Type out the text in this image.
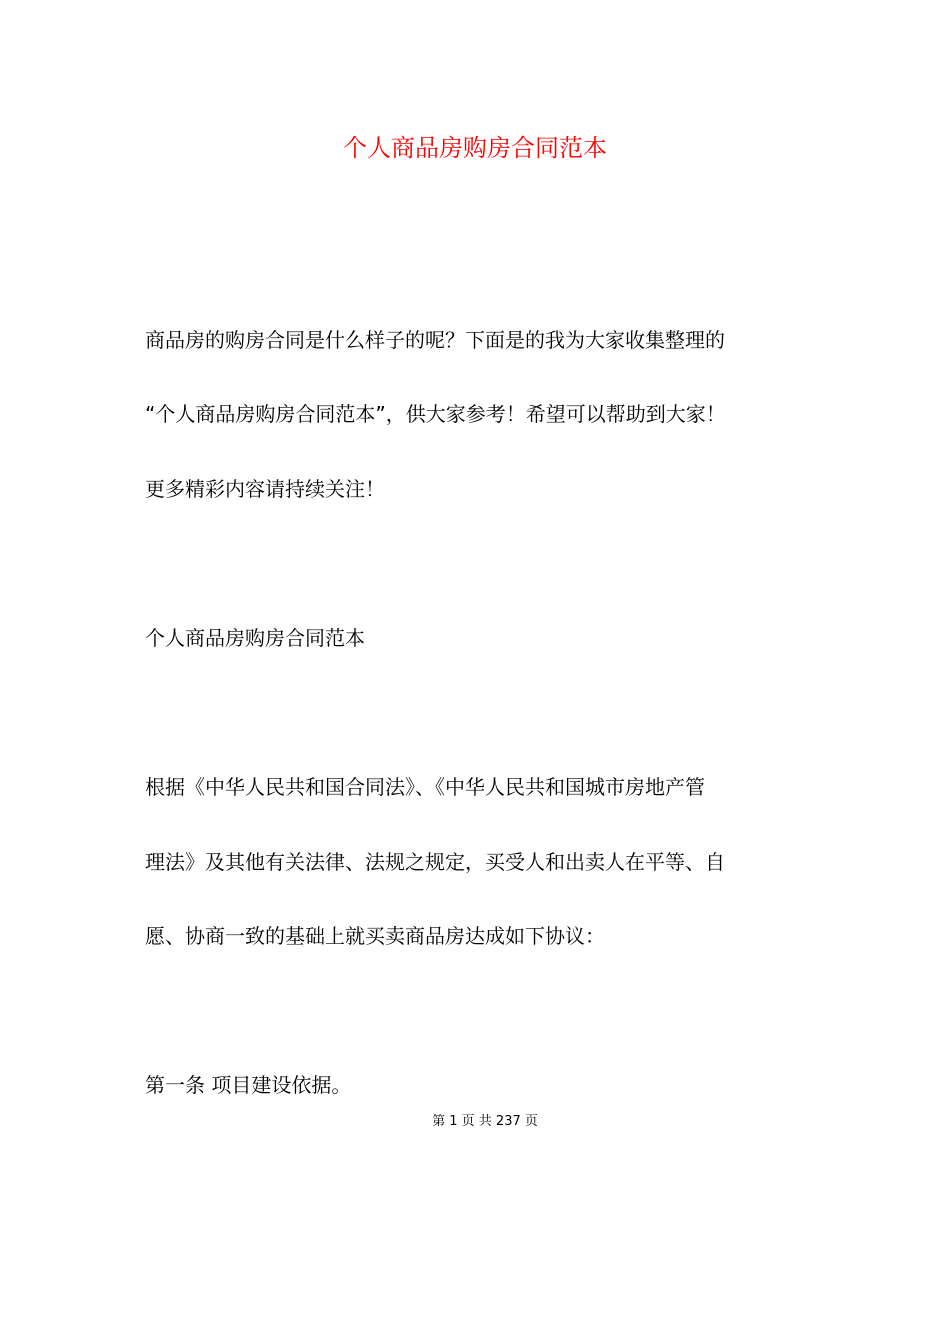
个人商品房购房合同范本
商品房的购房合同是什么样子的呢？下面是的我为大家收集整理的
“个人商品房购房合同范本”，供大家参考！希望可以帮助到大家！
更多精彩内容请持续关注！
个人商品房购房合同范本
根据《中华人民共和国合同法》、《中华人民共和国城市房地产管
理法》及其他有关法律、法规之规定，买受人和出卖人在平等、自
愿、协商一致的基础上就买卖商品房达成如下协议：
第一条 项目建设依据。
第 1 页 共 237 页
